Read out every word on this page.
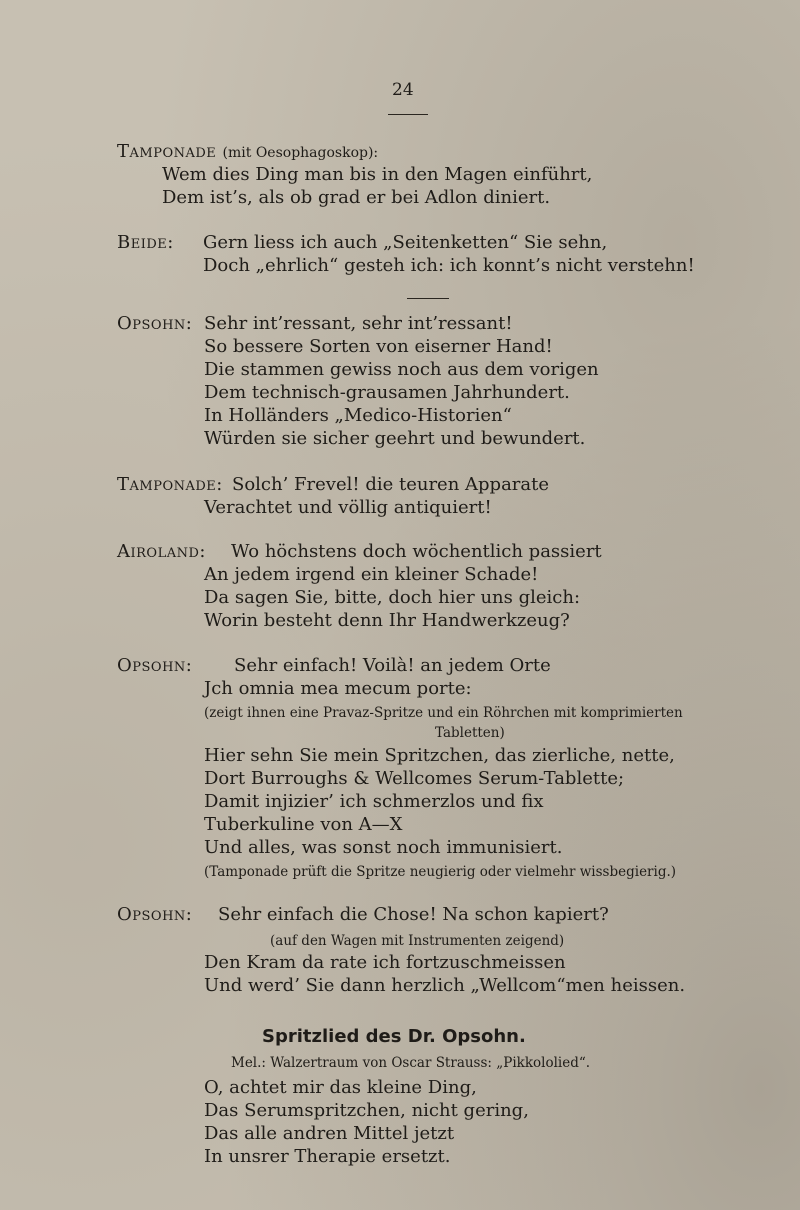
24
Tamponade (mit Oesophagoskop):
Wem dies Ding man bis in den Magen einführt,
Dem ist’s, als ob grad er bei Adlon diniert.
Beide: Gern liess ich auch „Seitenketten“ Sie sehn,
Doch „ehrlich“ gesteh ich: ich konnt’s nicht verstehn!
Opsohn: Sehr int’ressant, sehr int’ressant!
So bessere Sorten von eiserner Hand!
Die stammen gewiss noch aus dem vorigen
Dem technisch-grausamen Jahrhundert.
In Holländers „Medico-Historien“
Würden sie sicher geehrt und bewundert.
Tamponade: Solch’ Frevel! die teuren Apparate
Verachtet und völlig antiquiert!
Airoland: Wo höchstens doch wöchentlich passiert
An jedem irgend ein kleiner Schade!
Da sagen Sie, bitte, doch hier uns gleich:
Worin besteht denn Ihr Handwerkzeug?
Opsohn: Sehr einfach! Voilà! an jedem Orte
Jch omnia mea mecum porte:
(zeigt ihnen eine Pravaz-Spritze und ein Röhrchen mit komprimierten
Tabletten)
Hier sehn Sie mein Spritzchen, das zierliche, nette,
Dort Burroughs & Wellcomes Serum-Tablette;
Damit injizier’ ich schmerzlos und fix
Tuberkuline von A—X
Und alles, was sonst noch immunisiert.
(Tamponade prüft die Spritze neugierig oder vielmehr wissbegierig.)
Opsohn: Sehr einfach die Chose! Na schon kapiert?
(auf den Wagen mit Instrumenten zeigend)
Den Kram da rate ich fortzuschmeissen
Und werd’ Sie dann herzlich „Wellcom“men heissen.
Spritzlied des Dr. Opsohn.
Mel.: Walzertraum von Oscar Strauss: „Pikkololied“.
O, achtet mir das kleine Ding,
Das Serumspritzchen, nicht gering,
Das alle andren Mittel jetzt
In unsrer Therapie ersetzt.
